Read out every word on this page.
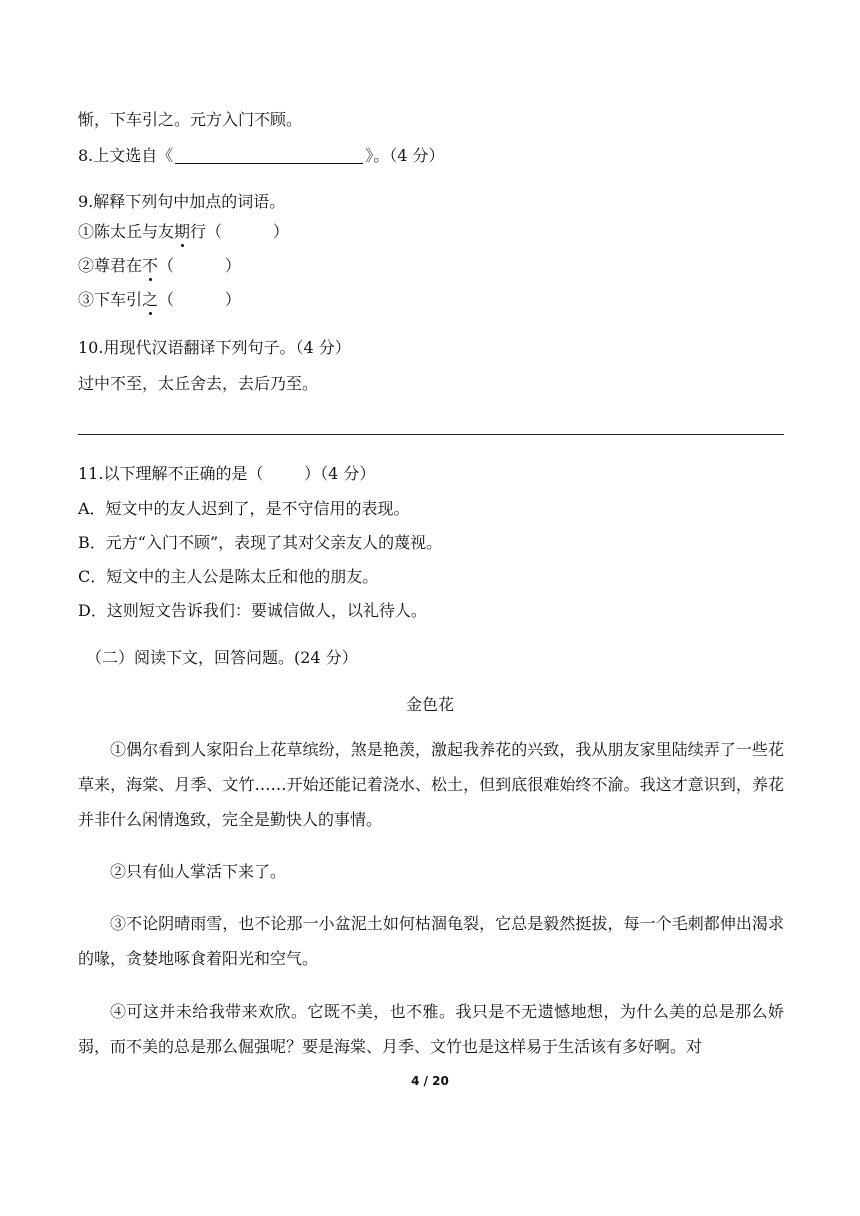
惭，下车引之。元方入门不顾。
8.上文选自《	》。（4 分）
9.解释下列句中加点的词语。
①陈太丘与友期行（          ）
②尊君在不（          ）
③下车引之（          ）
10.用现代汉语翻译下列句子。（4 分）
过中不至，太丘舍去，去后乃至。
11.以下理解不正确的是（        ）（4 分）
A．短文中的友人迟到了，是不守信用的表现。
B．元方“入门不顾”，表现了其对父亲友人的蔑视。
C．短文中的主人公是陈太丘和他的朋友。
D．这则短文告诉我们：要诚信做人，以礼待人。
（二）阅读下文，回答问题。(24 分）
金色花
①偶尔看到人家阳台上花草缤纷，煞是艳羡，激起我养花的兴致，我从朋友家里陆续弄了一些花草来，海棠、月季、文竹……开始还能记着浇水、松土，但到底很难始终不渝。我这才意识到，养花并非什么闲情逸致，完全是勤快人的事情。
②只有仙人掌活下来了。
③不论阴晴雨雪，也不论那一小盆泥土如何枯涸龟裂，它总是毅然挺拔，每一个毛刺都伸出渴求的喙，贪婪地啄食着阳光和空气。
④可这并未给我带来欢欣。它既不美，也不雅。我只是不无遗憾地想，为什么美的总是那么娇弱，而不美的总是那么倔强呢？要是海棠、月季、文竹也是这样易于生活该有多好啊。对
4 / 20
